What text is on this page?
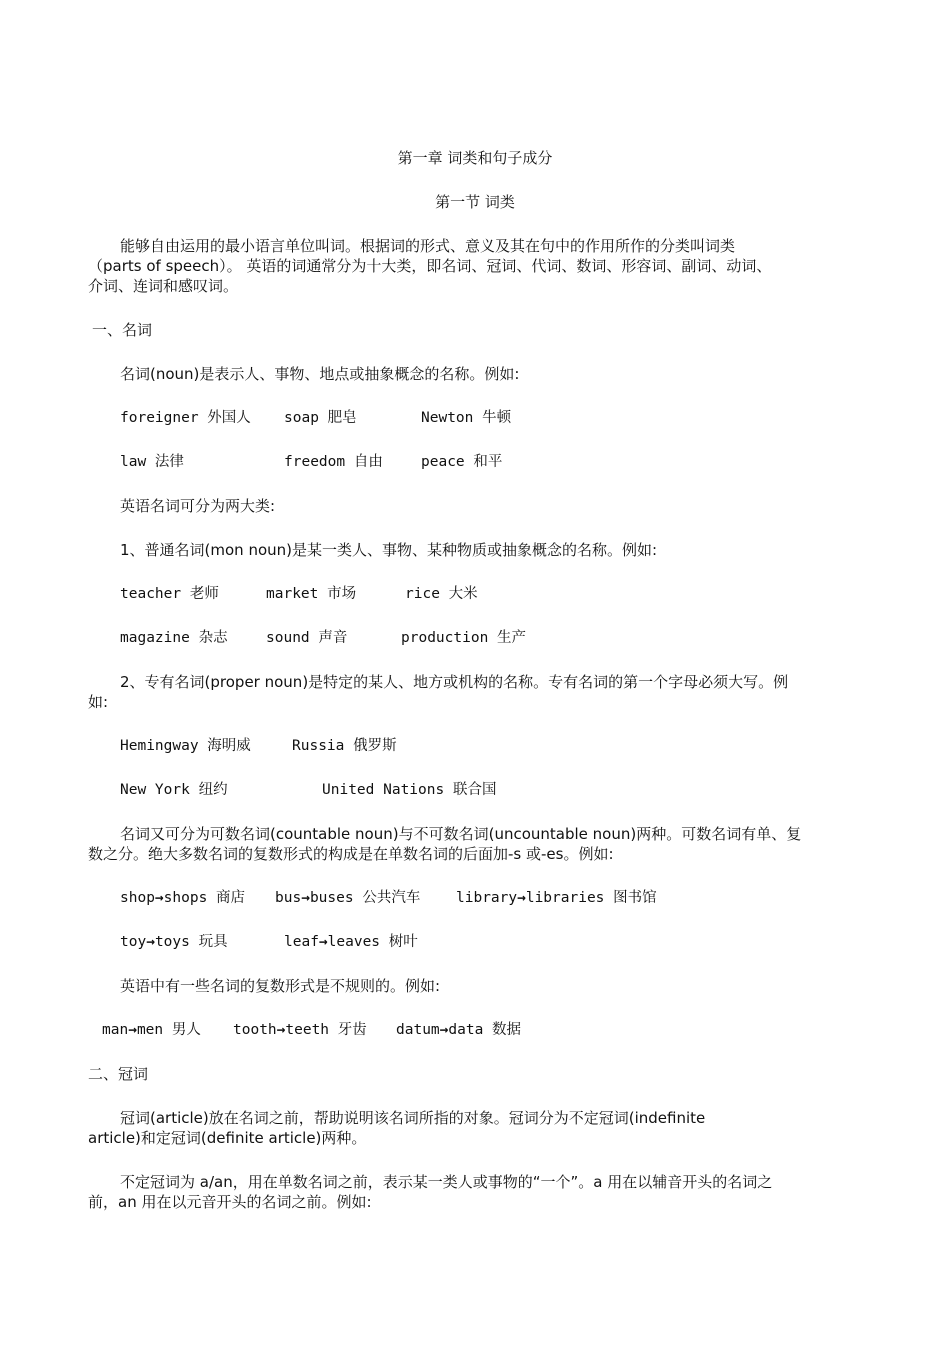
第一章 词类和句子成分
第一节 词类
能够自由运用的最小语言单位叫词。根据词的形式、意义及其在句中的作用所作的分类叫词类
（parts of speech）。 英语的词通常分为十大类，即名词、冠词、代词、数词、形容词、副词、动词、
介词、连词和感叹词。
一、名词
名词(noun)是表示人、事物、地点或抽象概念的名称。例如:
foreigner 外国人 soap 肥皂	Newton 牛顿
law 法律	freedom 自由	peace 和平
英语名词可分为两大类:
1、普通名词(mon noun)是某一类人、事物、某种物质或抽象概念的名称。例如:
teacher 老师	market 市场	rice 大米
magazine 杂志	sound 声音	production 生产
2、专有名词(proper noun)是特定的某人、地方或机构的名称。专有名词的第一个字母必须大写。例
如:
Hemingway 海明威	Russia 俄罗斯
New York 纽约	United Nations 联合国
名词又可分为可数名词(countable noun)与不可数名词(uncountable noun)两种。可数名词有单、复
数之分。绝大多数名词的复数形式的构成是在单数名词的后面加-s 或-es。例如:
shop→shops 商店 bus→buses 公共汽车 library→libraries 图书馆
toy→toys 玩具	leaf→leaves 树叶
英语中有一些名词的复数形式是不规则的。例如:
man→men 男人 tooth→teeth 牙齿 datum→data 数据
二、冠词
冠词(article)放在名词之前，帮助说明该名词所指的对象。冠词分为不定冠词(indefinite
article)和定冠词(definite article)两种。
不定冠词为 a/an，用在单数名词之前，表示某一类人或事物的“一个”。a 用在以辅音开头的名词之
前，an 用在以元音开头的名词之前。例如:
